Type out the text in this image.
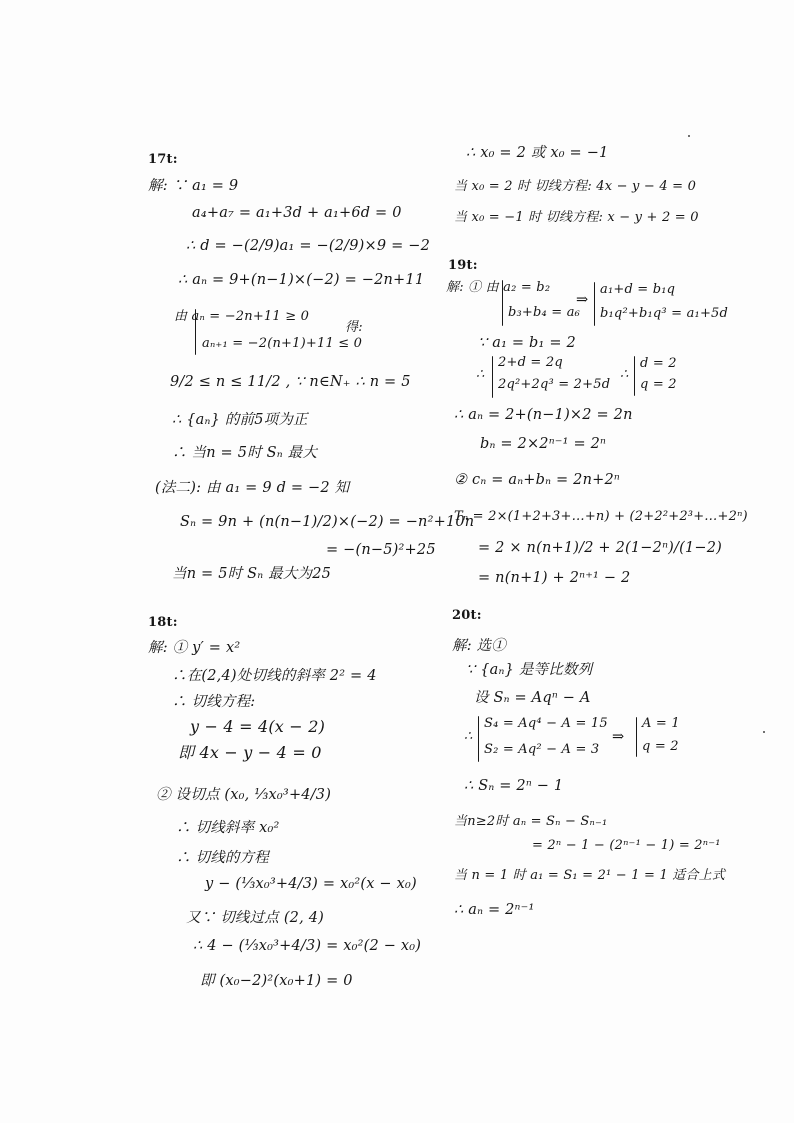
17t:
解: ∵ a₁ = 9
a₄+a₇ = a₁+3d + a₁+6d = 0
∴ d = −(2/9)a₁ = −(2/9)×9 = −2
∴ aₙ = 9+(n−1)×(−2) = −2n+11
由 aₙ = −2n+11 ≥ 0
aₙ₊₁ = −2(n+1)+11 ≤ 0
得:
9/2 ≤ n ≤ 11/2 , ∵ n∈N₊ ∴ n = 5
∴ {aₙ} 的前5项为正
∴ 当n = 5时 Sₙ 最大
(法二): 由 a₁ = 9 d = −2 知
Sₙ = 9n + (n(n−1)/2)×(−2) = −n²+10n
= −(n−5)²+25
当n = 5时 Sₙ 最大为25
18t:
解: ① y′ = x²
∴在(2,4)处切线的斜率 2² = 4
∴ 切线方程:
y − 4 = 4(x − 2)
即 4x − y − 4 = 0
② 设切点 (x₀, ⅓x₀³+4/3)
∴ 切线斜率 x₀²
∴ 切线的方程
y − (⅓x₀³+4/3) = x₀²(x − x₀)
又∵ 切线过点 (2, 4)
∴ 4 − (⅓x₀³+4/3) = x₀²(2 − x₀)
即 (x₀−2)²(x₀+1) = 0
∴ x₀ = 2 或 x₀ = −1
当 x₀ = 2 时 切线方程: 4x − y − 4 = 0
当 x₀ = −1 时 切线方程: x − y + 2 = 0
19t:
解: ① 由 a₂ = b₂
b₃+b₄ = a₆
⇒
a₁+d = b₁q
b₁q²+b₁q³ = a₁+5d
∵ a₁ = b₁ = 2
∴
2+d = 2q
2q²+2q³ = 2+5d
∴
d = 2
q = 2
∴ aₙ = 2+(n−1)×2 = 2n
bₙ = 2×2ⁿ⁻¹ = 2ⁿ
② cₙ = aₙ+bₙ = 2n+2ⁿ
Tₙ = 2×(1+2+3+…+n) + (2+2²+2³+…+2ⁿ)
= 2 × n(n+1)/2 + 2(1−2ⁿ)/(1−2)
= n(n+1) + 2ⁿ⁺¹ − 2
20t:
解: 选①
∵ {aₙ} 是等比数列
设 Sₙ = Aqⁿ − A
∴
S₄ = Aq⁴ − A = 15
S₂ = Aq² − A = 3
⇒
A = 1
q = 2
∴ Sₙ = 2ⁿ − 1
当n≥2时 aₙ = Sₙ − Sₙ₋₁
= 2ⁿ − 1 − (2ⁿ⁻¹ − 1) = 2ⁿ⁻¹
当 n = 1 时 a₁ = S₁ = 2¹ − 1 = 1 适合上式
∴ aₙ = 2ⁿ⁻¹
